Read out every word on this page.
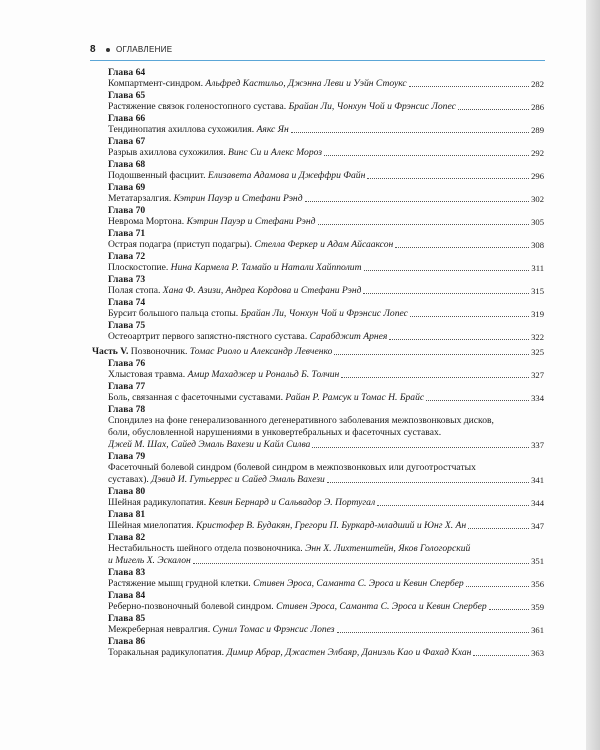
8	ОГЛАВЛЕНИЕ
Глава 64
Компартмент-синдром. Альфред Кастильо, Джэнна Леви и Уэйн Стоукс	282
Глава 65
Растяжение связок голеностопного сустава. Брайан Ли, Чонхун Чой и Фрэнсис Лопес	286
Глава 66
Тендинопатия ахиллова сухожилия. Аякс Ян	289
Глава 67
Разрыв ахиллова сухожилия. Винс Си и Алекс Мороз	292
Глава 68
Подошвенный фасциит. Елизавета Адамова и Джеффри Файн	296
Глава 69
Метатарзалгия. Кэтрин Пауэр и Стефани Рэнд	302
Глава 70
Неврома Мортона. Кэтрин Пауэр и Стефани Рэнд	305
Глава 71
Острая подагра (приступ подагры). Стелла Феркер и Адам Айсааксон	308
Глава 72
Плоскостопие. Нина Кармела Р. Тамайо и Натали Хайпполит	311
Глава 73
Полая стопа. Хана Ф. Азизи, Андреа Кордова и Стефани Рэнд	315
Глава 74
Бурсит большого пальца стопы. Брайан Ли, Чонхун Чой и Фрэнсис Лопес	319
Глава 75
Остеоартрит первого запястно-пястного сустава. Сарабджит Арнея	322
Часть V. Позвоночник. Томас Риоло и Александр Левченко	325
Глава 76
Хлыстовая травма. Амир Махаджер и Рональд Б. Толчин	327
Глава 77
Боль, связанная с фасеточными суставами. Райан Р. Рамсук и Томас Н. Брайс	334
Глава 78
Спондилез на фоне генерализованного дегенеративного заболевания межпозвонковых дисков,
боли, обусловленной нарушениями в унковертебральных и фасеточных суставах.
Джей М. Шах, Сайед Эмаль Вахези и Кайл Силва	337
Глава 79
Фасеточный болевой синдром (болевой синдром в межпозвонковых или дугоотростчатых
суставах). Дэвид И. Гутьеррес и Сайед Эмаль Вахези	341
Глава 80
Шейная радикулопатия. Кевин Бернард и Сальвадор Э. Португал	344
Глава 81
Шейная миелопатия. Кристофер В. Будакян, Грегори П. Буркард-младший и Юнг Х. Ан	347
Глава 82
Нестабильность шейного отдела позвоночника. Энн Х. Лихтенштейн, Яков Гологорский
и Мигель Х. Эскалон	351
Глава 83
Растяжение мышц грудной клетки. Стивен Эроса, Саманта С. Эроса и Кевин Спербер	356
Глава 84
Реберно-позвоночный болевой синдром. Стивен Эроса, Саманта С. Эроса и Кевин Спербер	359
Глава 85
Межреберная невралгия. Сунил Томас и Фрэнсис Лопез	361
Глава 86
Торакальная радикулопатия. Димир Абрар, Джастен Элбаяр, Даниэль Као и Фахад Кхан	363
